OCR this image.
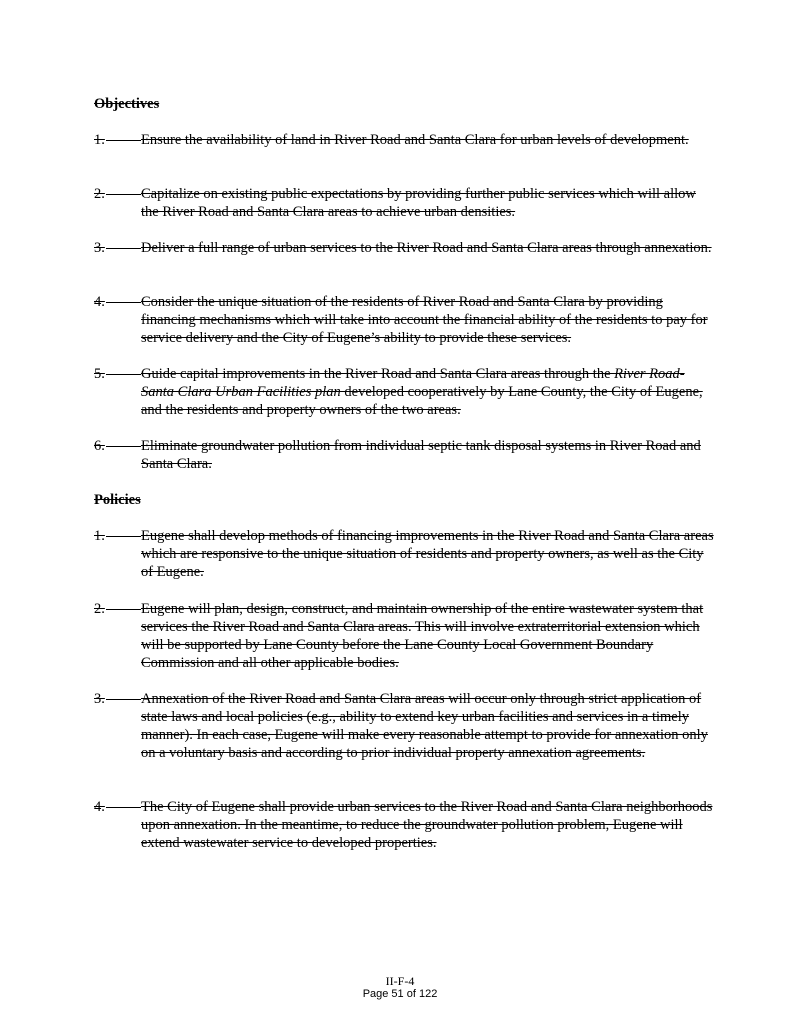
Objectives
1.	Ensure the availability of land in River Road and Santa Clara for urban levels of development.
2.	Capitalize on existing public expectations by providing further public services which will allow the River Road and Santa Clara areas to achieve urban densities.
3.	Deliver a full range of urban services to the River Road and Santa Clara areas through annexation.
4.	Consider the unique situation of the residents of River Road and Santa Clara by providing financing mechanisms which will take into account the financial ability of the residents to pay for service delivery and the City of Eugene’s ability to provide these services.
5.	Guide capital improvements in the River Road and Santa Clara areas through the River Road-Santa Clara Urban Facilities plan developed cooperatively by Lane County, the City of Eugene, and the residents and property owners of the two areas.
6.	Eliminate groundwater pollution from individual septic tank disposal systems in River Road and Santa Clara.
Policies
1.	Eugene shall develop methods of financing improvements in the River Road and Santa Clara areas which are responsive to the unique situation of residents and property owners, as well as the City of Eugene.
2.	Eugene will plan, design, construct, and maintain ownership of the entire wastewater system that services the River Road and Santa Clara areas. This will involve extraterritorial extension which will be supported by Lane County before the Lane County Local Government Boundary Commission and all other applicable bodies.
3.	Annexation of the River Road and Santa Clara areas will occur only through strict application of state laws and local policies (e.g., ability to extend key urban facilities and services in a timely manner). In each case, Eugene will make every reasonable attempt to provide for annexation only on a voluntary basis and according to prior individual property annexation agreements.
4.	The City of Eugene shall provide urban services to the River Road and Santa Clara neighborhoods upon annexation. In the meantime, to reduce the groundwater pollution problem, Eugene will extend wastewater service to developed properties.
II-F-4
Page 51 of 122
